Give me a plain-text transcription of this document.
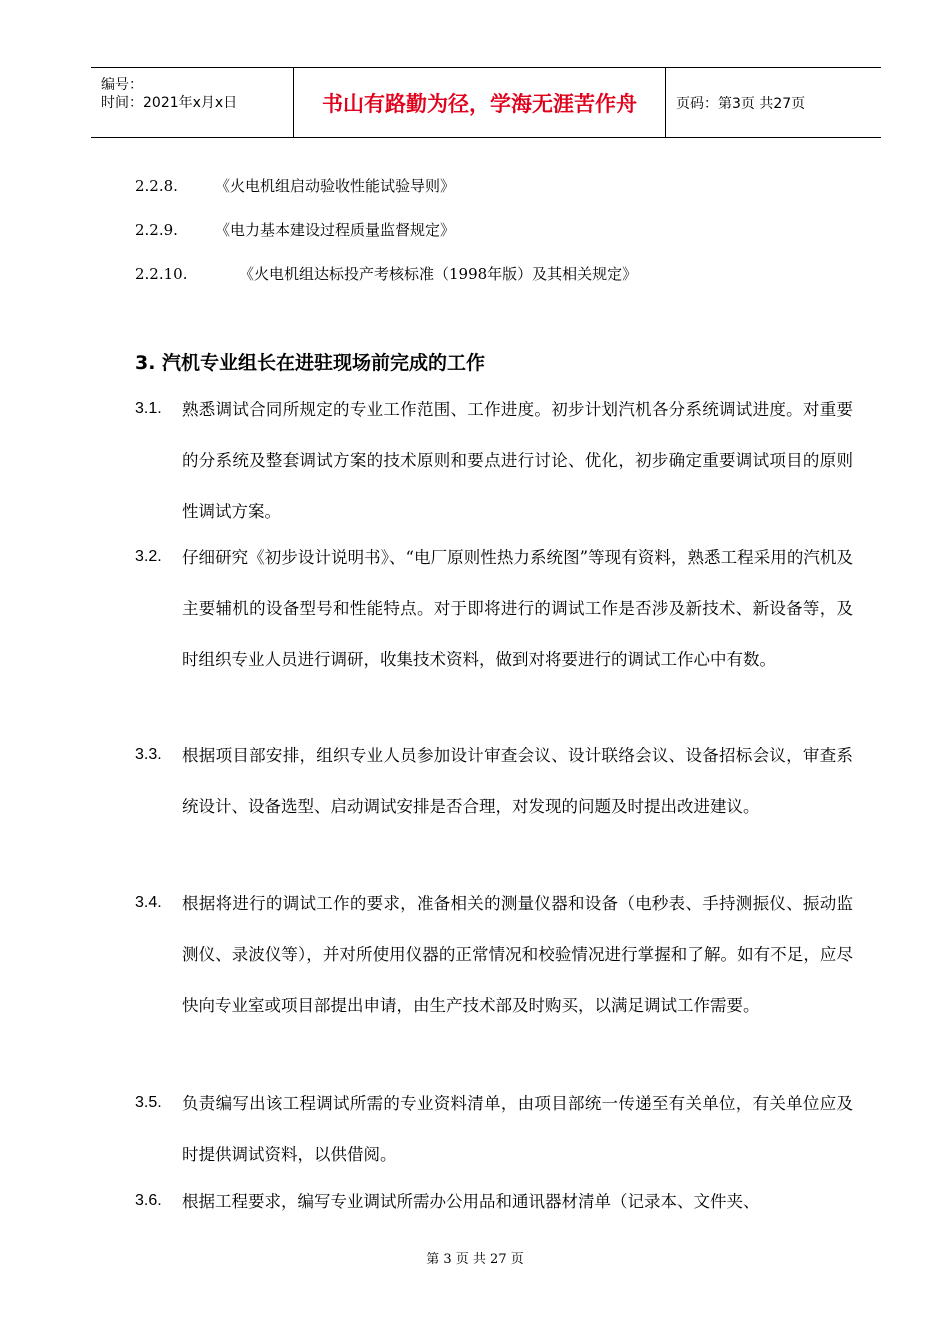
编号：
时间：2021年x月x日	书山有路勤为径，学海无涯苦作舟	页码：第3页 共27页
2.2.8. 《火电机组启动验收性能试验导则》
2.2.9. 《电力基本建设过程质量监督规定》
2.2.10.	《火电机组达标投产考核标准（1998年版）及其相关规定》
3. 汽机专业组长在进驻现场前完成的工作
3.1. 熟悉调试合同所规定的专业工作范围、工作进度。初步计划汽机各分系统调试进度。对重要的分系统及整套调试方案的技术原则和要点进行讨论、优化，初步确定重要调试项目的原则性调试方案。
3.2. 仔细研究《初步设计说明书》、“电厂原则性热力系统图”等现有资料，熟悉工程采用的汽机及主要辅机的设备型号和性能特点。对于即将进行的调试工作是否涉及新技术、新设备等，及时组织专业人员进行调研，收集技术资料，做到对将要进行的调试工作心中有数。
3.3. 根据项目部安排，组织专业人员参加设计审查会议、设计联络会议、设备招标会议，审查系统设计、设备选型、启动调试安排是否合理，对发现的问题及时提出改进建议。
3.4. 根据将进行的调试工作的要求，准备相关的测量仪器和设备（电秒表、手持测振仪、振动监测仪、录波仪等），并对所使用仪器的正常情况和校验情况进行掌握和了解。如有不足，应尽快向专业室或项目部提出申请，由生产技术部及时购买，以满足调试工作需要。
3.5. 负责编写出该工程调试所需的专业资料清单，由项目部统一传递至有关单位，有关单位应及时提供调试资料，以供借阅。
3.6. 根据工程要求，编写专业调试所需办公用品和通讯器材清单（记录本、文件夹、
第 3 页 共 27 页
